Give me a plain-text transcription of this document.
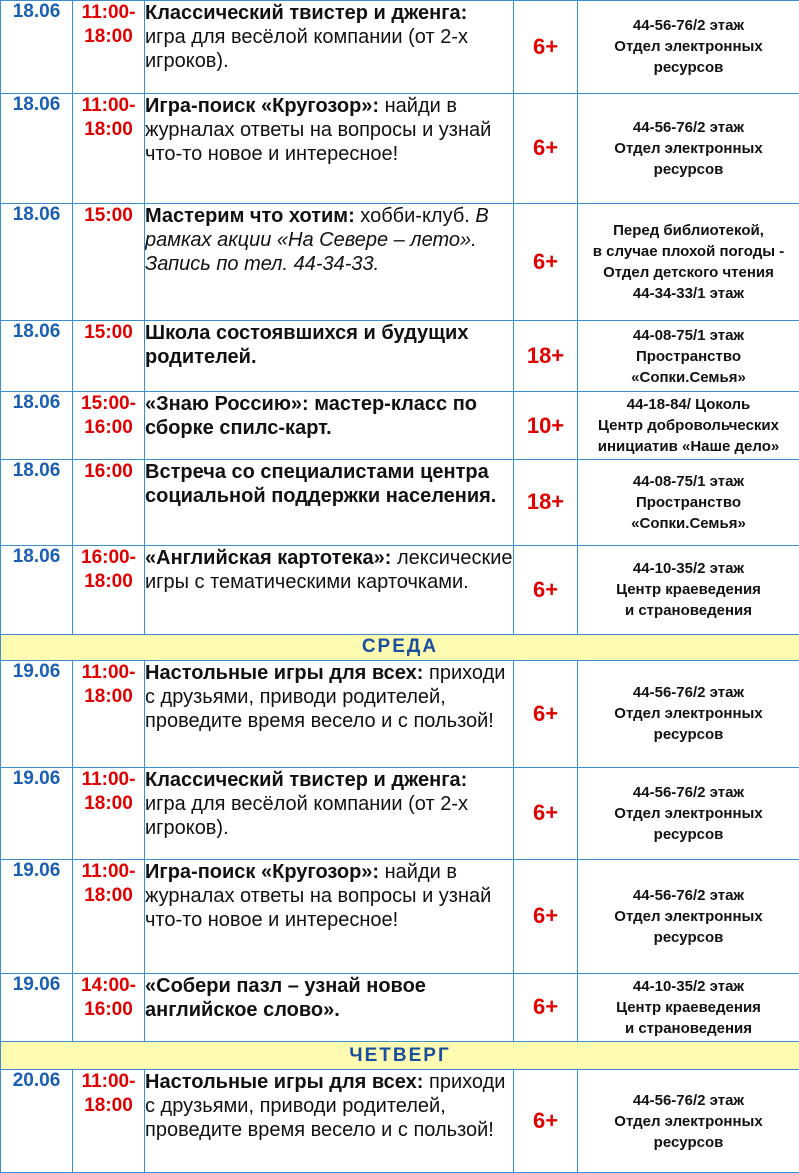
18.06	11:00-
18:00	Классический твистер и дженга: игра для весёлой компании (от 2-х игроков).	6+	44-56-76/2 этаж
Отдел электронных
ресурсов
18.06	11:00-
18:00	Игра-поиск «Кругозор»: найди в журналах ответы на вопросы и узнай что-то новое и интересное!	6+	44-56-76/2 этаж
Отдел электронных
ресурсов
18.06	15:00	Мастерим что хотим: хобби-клуб. В рамках акции «На Севере – лето». Запись по тел. 44-34-33.	6+	Перед библиотекой,
в случае плохой погоды -
Отдел детского чтения
44-34-33/1 этаж
18.06	15:00	Школа состоявшихся и будущих родителей.	18+	44-08-75/1 этаж
Пространство
«Сопки.Семья»
18.06	15:00-
16:00	«Знаю Россию»: мастер-класс по сборке спилс-карт.	10+	44-18-84/ Цоколь
Центр добровольческих
инициатив «Наше дело»
18.06	16:00	Встреча со специалистами центра социальной поддержки населения.	18+	44-08-75/1 этаж
Пространство
«Сопки.Семья»
18.06	16:00-
18:00	«Английская картотека»: лексические игры с тематическими карточками.	6+	44-10-35/2 этаж
Центр краеведения
и страноведения
СРЕДА				
19.06	11:00-
18:00	Настольные игры для всех: приходи с друзьями, приводи родителей, проведите время весело и с пользой!	6+	44-56-76/2 этаж
Отдел электронных
ресурсов
19.06	11:00-
18:00	Классический твистер и дженга: игра для весёлой компании (от 2-х игроков).	6+	44-56-76/2 этаж
Отдел электронных
ресурсов
19.06	11:00-
18:00	Игра-поиск «Кругозор»: найди в журналах ответы на вопросы и узнай что-то новое и интересное!	6+	44-56-76/2 этаж
Отдел электронных
ресурсов
19.06	14:00-
16:00	«Собери пазл – узнай новое английское слово».	6+	44-10-35/2 этаж
Центр краеведения
и страноведения
ЧЕТВЕРГ				
20.06	11:00-
18:00	Настольные игры для всех: приходи с друзьями, приводи родителей, проведите время весело и с пользой!	6+	44-56-76/2 этаж
Отдел электронных
ресурсов
